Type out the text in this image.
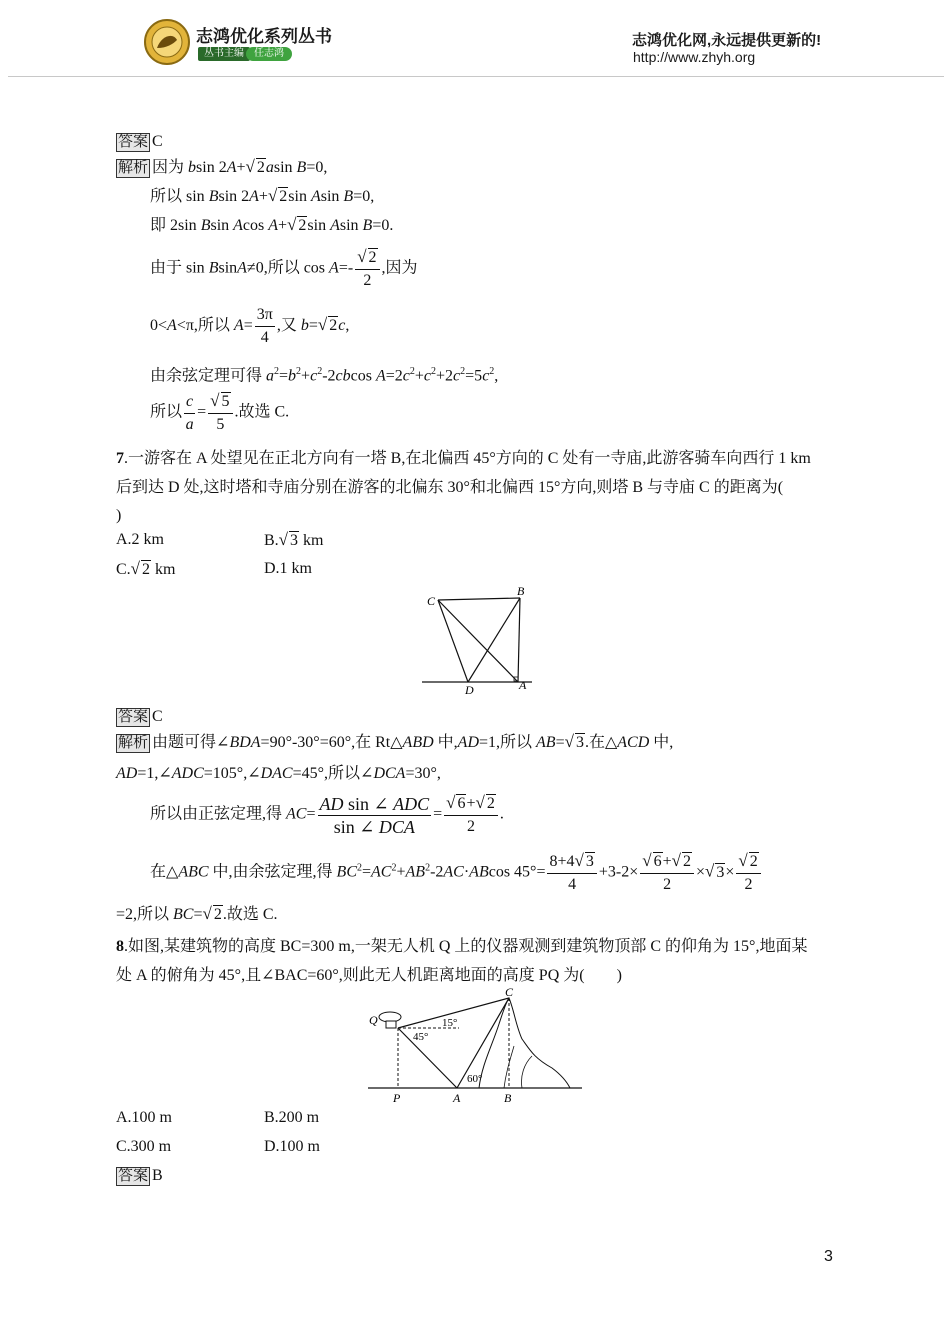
志鸿优化系列丛书
丛书主编	任志鸿
志鸿优化网,永远提供更新的!
http://www.zhyh.org
答案 C
解析 因为 bsin 2A+√ 2asin B=0,
所以 sin Bsin 2A+√ 2sin Asin B=0,
即 2sin Bsin Acos A+√ 2sin Asin B=0.
由于 sin BsinA≠0,所以 $\cos A=- \frac{√ 2}{2}$ ,因为
0<A<π,所以 $A= \frac{3\pi}{4}$ ,又 b=√ 2c,
由余弦定理可得 $a^2=b^2+c^2-2cbcos$ $A=2c^2+c^2+2c^2=5c^2$,
所以 $\frac{c}{a} = \frac{√ 5}{5}$ .故选 C.
7.一游客在 A 处望见在正北方向有一塔 B,在北偏西 45°方向的 C 处有一寺庙,此游客骑车向西行 1 km
后到达 D 处,这时塔和寺庙分别在游客的北偏东 30°和北偏西 15°方向,则塔 B 与寺庙 C 的距离为(
)
A.2 km	B.√ 3 km
C.√ 2 km	D.1 km
C
B
D	A
答案 C
解析 由题可得∠BDA=90°-30°=60°,在 Rt△ABD 中,AD=1,所以 AB=√ 3.在△ACD 中,
AD=1,∠ADC=105°,∠DAC=45°,所以∠DCA=30°,
所以由正弦定理,得 $AC= \frac{\text{AD sin ∠ ADC}}{\text{sin ∠ DCA}} = \frac{√ 6+√ 2}{2}$ .
在△ABC 中,由余弦定理,得 $BC^2=AC^2+AB^2-2AC\cdot ABcos$ $45^\circ= \frac{8+4√ 3}{4} +3-2\times \frac{√ 6+√ 2}{2}$ ×√ $3\times \frac{√ 2}{2}$
=2,所以 BC=√ 2.故选 C.
8.如图,某建筑物的高度 BC=300 m,一架无人机 Q 上的仪器观测到建筑物顶部 C 的仰角为 15°,地面某
处 A 的俯角为 45°,且∠BAC=60°,则此无人机距离地面的高度 PQ 为(　　)
Q
C
15°
45°
60°
P	A	B
A.100 m	B.200 m
C.300 m	D.100 m
答案 B
3
